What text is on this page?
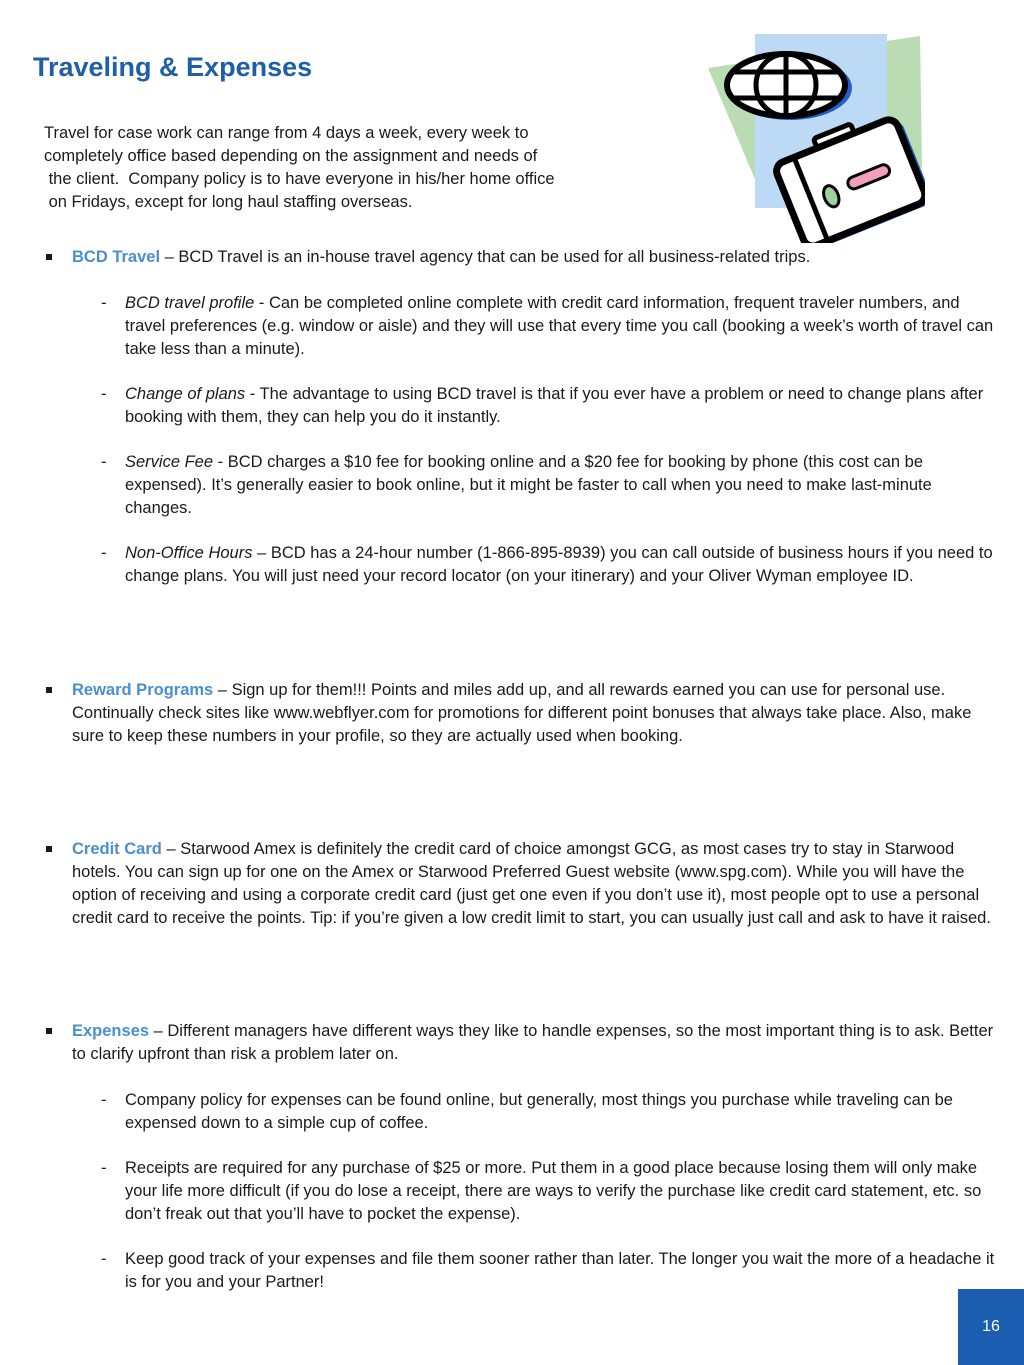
Traveling & Expenses
Travel for case work can range from 4 days a week, every week to
completely office based depending on the assignment and needs of
the client.  Company policy is to have everyone in his/her home office
on Fridays, except for long haul staffing overseas.
BCD Travel – BCD Travel is an in-house travel agency that can be used for all business-related trips.
- BCD travel profile - Can be completed online complete with credit card information, frequent traveler numbers, and travel preferences (e.g. window or aisle) and they will use that every time you call (booking a week’s worth of travel can take less than a minute).
- Change of plans - The advantage to using BCD travel is that if you ever have a problem or need to change plans after booking with them, they can help you do it instantly.
- Service Fee - BCD charges a $10 fee for booking online and a $20 fee for booking by phone (this cost can be expensed). It’s generally easier to book online, but it might be faster to call when you need to make last-minute changes.
- Non-Office Hours – BCD has a 24-hour number (1-866-895-8939) you can call outside of business hours if you need to change plans. You will just need your record locator (on your itinerary) and your Oliver Wyman employee ID.
Reward Programs – Sign up for them!!! Points and miles add up, and all rewards earned you can use for personal use. Continually check sites like www.webflyer.com for promotions for different point bonuses that always take place. Also, make sure to keep these numbers in your profile, so they are actually used when booking.
Credit Card – Starwood Amex is definitely the credit card of choice amongst GCG, as most cases try to stay in Starwood hotels. You can sign up for one on the Amex or Starwood Preferred Guest website (www.spg.com). While you will have the option of receiving and using a corporate credit card (just get one even if you don’t use it), most people opt to use a personal credit card to receive the points. Tip: if you’re given a low credit limit to start, you can usually just call and ask to have it raised.
Expenses – Different managers have different ways they like to handle expenses, so the most important thing is to ask. Better to clarify upfront than risk a problem later on.
- Company policy for expenses can be found online, but generally, most things you purchase while traveling can be expensed down to a simple cup of coffee.
- Receipts are required for any purchase of $25 or more. Put them in a good place because losing them will only make your life more difficult (if you do lose a receipt, there are ways to verify the purchase like credit card statement, etc. so don’t freak out that you’ll have to pocket the expense).
- Keep good track of your expenses and file them sooner rather than later. The longer you wait the more of a headache it is for you and your Partner!
16
